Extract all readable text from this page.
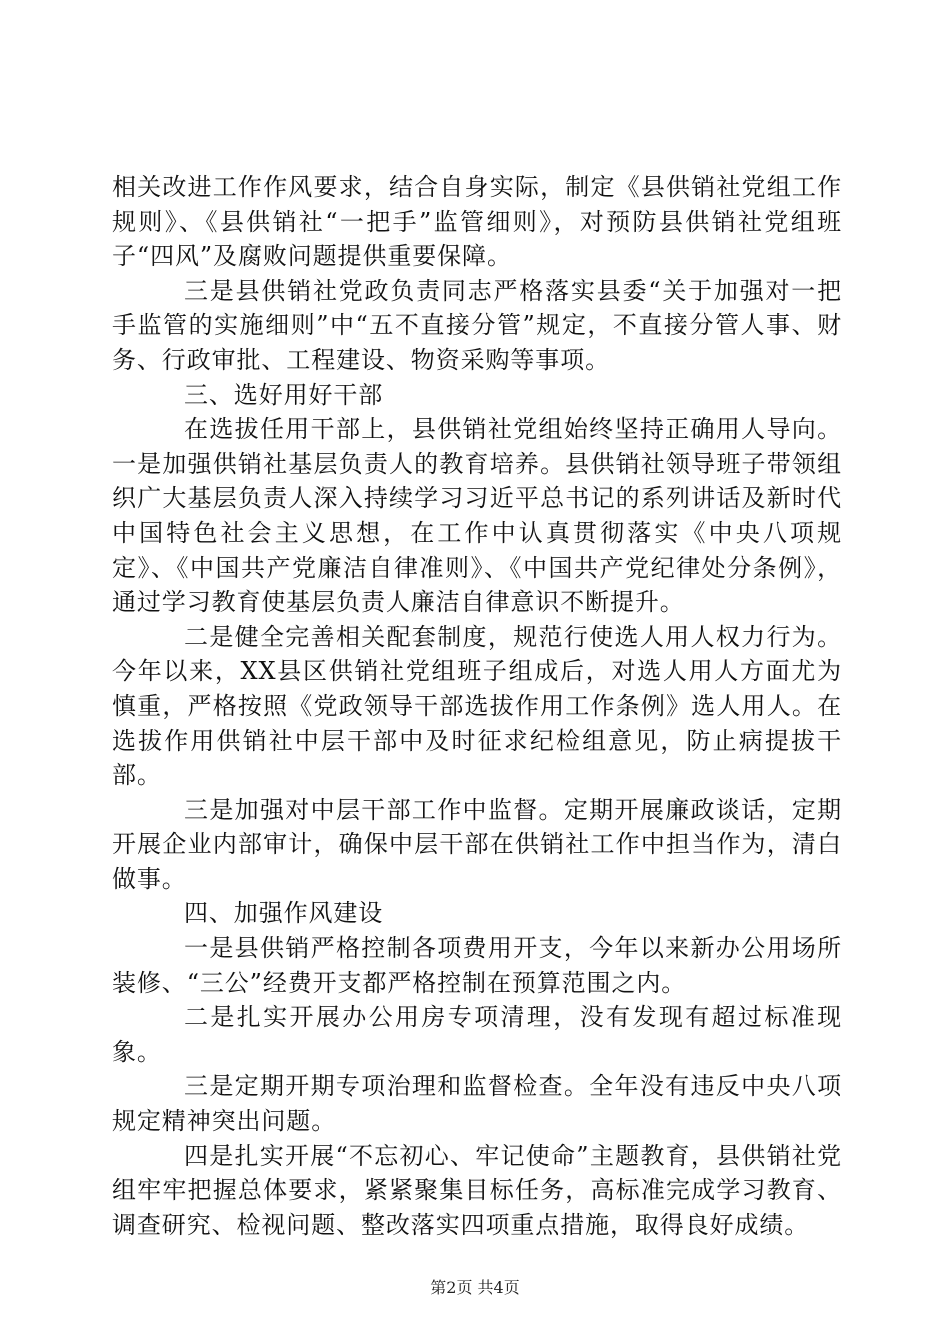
相关改进工作作风要求，结合自身实际，制定《县供销社党组工作规则》、《县供销社“一把手”监管细则》，对预防县供销社党组班子“四风”及腐败问题提供重要保障。

三是县供销社党政负责同志严格落实县委“关于加强对一把手监管的实施细则”中“五不直接分管”规定，不直接分管人事、财务、行政审批、工程建设、物资采购等事项。

三、选好用好干部

在选拔任用干部上，县供销社党组始终坚持正确用人导向。一是加强供销社基层负责人的教育培养。县供销社领导班子带领组织广大基层负责人深入持续学习习近平总书记的系列讲话及新时代中国特色社会主义思想，在工作中认真贯彻落实《中央八项规定》、《中国共产党廉洁自律准则》、《中国共产党纪律处分条例》，通过学习教育使基层负责人廉洁自律意识不断提升。

二是健全完善相关配套制度，规范行使选人用人权力行为。今年以来，XX县区供销社党组班子组成后，对选人用人方面尤为慎重，严格按照《党政领导干部选拔作用工作条例》选人用人。在选拔作用供销社中层干部中及时征求纪检组意见，防止病提拔干部。

三是加强对中层干部工作中监督。定期开展廉政谈话，定期开展企业内部审计，确保中层干部在供销社工作中担当作为，清白做事。

四、加强作风建设

一是县供销严格控制各项费用开支，今年以来新办公用场所装修、“三公”经费开支都严格控制在预算范围之内。

二是扎实开展办公用房专项清理，没有发现有超过标准现象。

三是定期开期专项治理和监督检查。全年没有违反中央八项规定精神突出问题。

四是扎实开展“不忘初心、牢记使命”主题教育，县供销社党组牢牢把握总体要求，紧紧聚集目标任务，高标准完成学习教育、调查研究、检视问题、整改落实四项重点措施，取得良好成绩。

第2页 共4页
